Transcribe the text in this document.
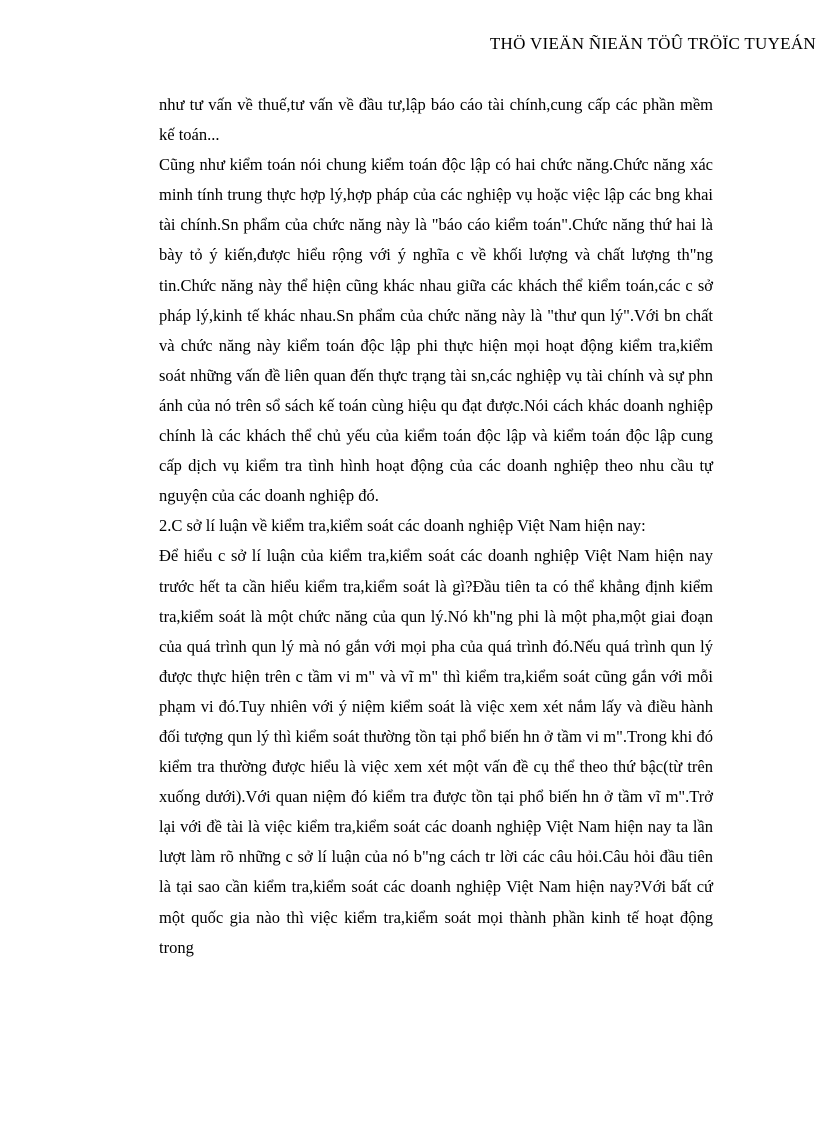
THÖ VIEÄN ÑIEÄN TÖÛ TRÖÏC TUYEÁN

như tư vấn về thuế,tư vấn về đầu tư,lập báo cáo tài chính,cung cấp các phần mềm kế toán...

Cũng như kiểm toán nói chung kiểm toán độc lập có hai chức năng.Chức năng xác minh tính trung thực hợp lý,hợp pháp của các nghiệp vụ hoặc việc lập các bng khai tài chính.Sn phẩm của chức năng này là "báo cáo kiểm toán".Chức năng thứ hai là bày tỏ ý kiến,được hiểu rộng với ý nghĩa c về khối lượng và chất lượng th"ng tin.Chức năng này thể hiện cũng khác nhau giữa các khách thể kiểm toán,các c sở pháp lý,kinh tế khác nhau.Sn phẩm của chức năng này là "thư qun lý".Với bn chất và chức năng này kiểm toán độc lập phi thực hiện mọi hoạt động kiểm tra,kiểm soát những vấn đề liên quan đến thực trạng tài sn,các nghiệp vụ tài chính và sự phn ánh của nó trên sổ sách kế toán cùng hiệu qu đạt được.Nói cách khác doanh nghiệp chính là các khách thể chủ yếu của kiểm toán độc lập và kiểm toán độc lập cung cấp dịch vụ kiểm tra tình hình hoạt động của các doanh nghiệp theo nhu cầu tự nguyện của các doanh nghiệp đó.

2.C sở lí luận về kiểm tra,kiểm soát các doanh nghiệp Việt Nam hiện nay:

Để hiểu c sở lí luận của kiểm tra,kiểm soát các doanh nghiệp Việt Nam hiện nay trước hết ta cần hiểu kiểm tra,kiểm soát là gì?Đầu tiên ta có thể khẳng định kiểm tra,kiểm soát là một chức năng của qun lý.Nó kh"ng phi là một pha,một giai đoạn của quá trình qun lý mà nó gắn với mọi pha của quá trình đó.Nếu quá trình qun lý được thực hiện trên c tầm vi m" và vĩ m" thì kiểm tra,kiểm soát cũng gắn với mỗi phạm vi đó.Tuy nhiên với ý niệm kiểm soát là việc xem xét nắm lấy và điều hành đối tượng qun lý thì kiểm soát thường tồn tại phổ biến hn ở tầm vi m".Trong khi đó kiểm tra thường được hiểu là việc xem xét một vấn đề cụ thể theo thứ bậc(từ trên xuống dưới).Với quan niệm đó kiểm tra được tồn tại phổ biến hn ở tầm vĩ m".Trở lại với đề tài là việc kiểm tra,kiểm soát các doanh nghiệp Việt Nam hiện nay ta lần lượt làm rõ những c sở lí luận của nó b"ng cách tr lời các câu hỏi.Câu hỏi đầu tiên là tại sao cần kiểm tra,kiểm soát các doanh nghiệp Việt Nam hiện nay?Với bất cứ một quốc gia nào thì việc kiểm tra,kiểm soát mọi thành phần kinh tế hoạt động trong
